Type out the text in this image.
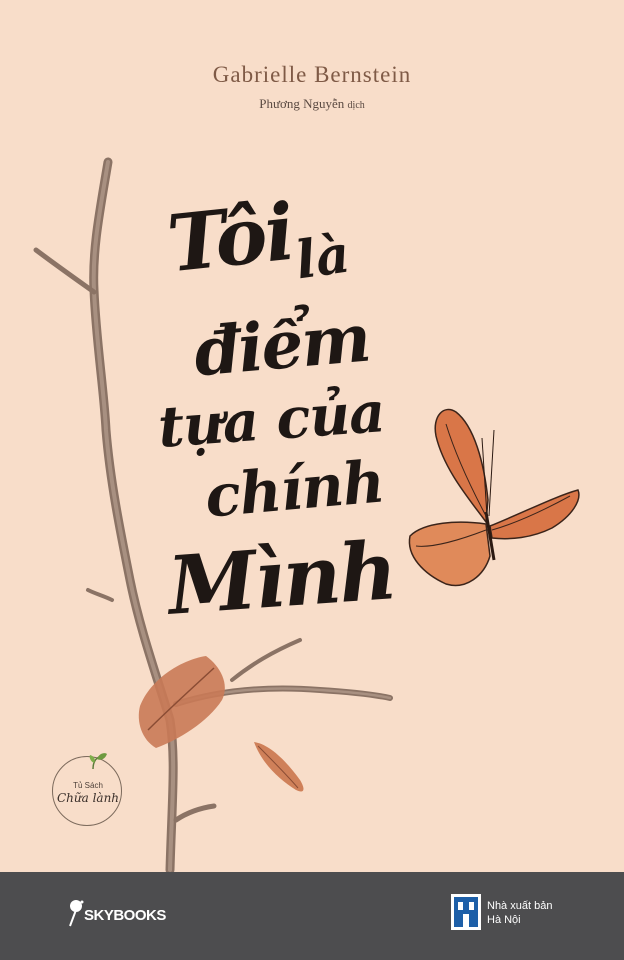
Gabrielle Bernstein
Phương Nguyễn dịch
Tôi
là
điểm
tựa của
chính
Mình
Tủ Sách
Chữa lành
SKYBOOKS
Nhà xuất bản
Hà Nội
